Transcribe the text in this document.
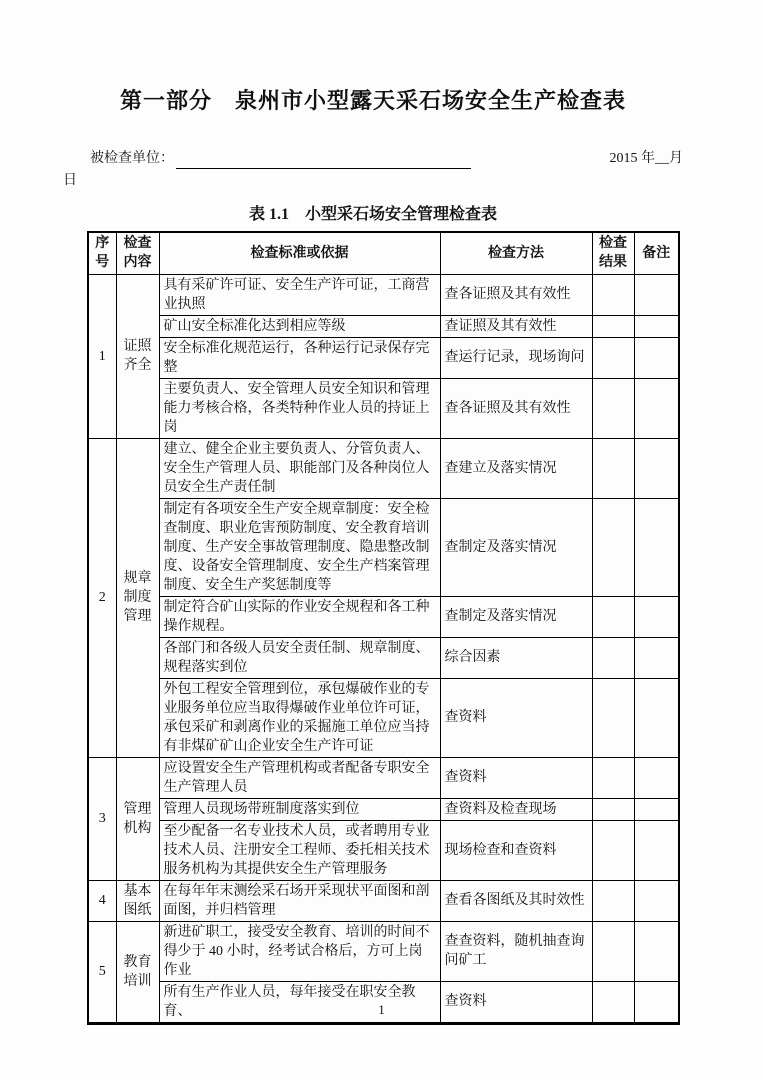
第一部分　泉州市小型露天采石场安全生产检查表
被检查单位：	2015 年__月
日
表 1.1　小型采石场安全管理检查表
序号	检查内容	检查标准或依据	检查方法	检查结果	备注
1	证照齐全	具有采矿许可证、安全生产许可证，工商营业执照	查各证照及其有效性		
		矿山安全标准化达到相应等级	查证照及其有效性		
		安全标准化规范运行，各种运行记录保存完整	查运行记录，现场询问		
		主要负责人、安全管理人员安全知识和管理能力考核合格，各类特种作业人员的持证上岗	查各证照及其有效性		
2	规章制度管理	建立、健全企业主要负责人、分管负责人、安全生产管理人员、职能部门及各种岗位人员安全生产责任制	查建立及落实情况		
		制定有各项安全生产安全规章制度：安全检查制度、职业危害预防制度、安全教育培训制度、生产安全事故管理制度、隐患整改制度、设备安全管理制度、安全生产档案管理制度、安全生产奖惩制度等	查制定及落实情况		
		制定符合矿山实际的作业安全规程和各工种操作规程。	查制定及落实情况		
		各部门和各级人员安全责任制、规章制度、规程落实到位	综合因素		
		外包工程安全管理到位，承包爆破作业的专业服务单位应当取得爆破作业单位许可证，承包采矿和剥离作业的采掘施工单位应当持有非煤矿矿山企业安全生产许可证	查资料		
3	管理机构	应设置安全生产管理机构或者配备专职安全生产管理人员	查资料		
		管理人员现场带班制度落实到位	查资料及检查现场		
		至少配备一名专业技术人员，或者聘用专业技术人员、注册安全工程师、委托相关技术服务机构为其提供安全生产管理服务	现场检查和查资料		
4	基本图纸	在每年年末测绘采石场开采现状平面图和剖面图，并归档管理	查看各图纸及其时效性		
5	教育培训	新进矿职工，接受安全教育、培训的时间不得少于 40 小时，经考试合格后，方可上岗作业	查查资料，随机抽查询问矿工		
		所有生产作业人员，每年接受在职安全教育、	查资料		
1
